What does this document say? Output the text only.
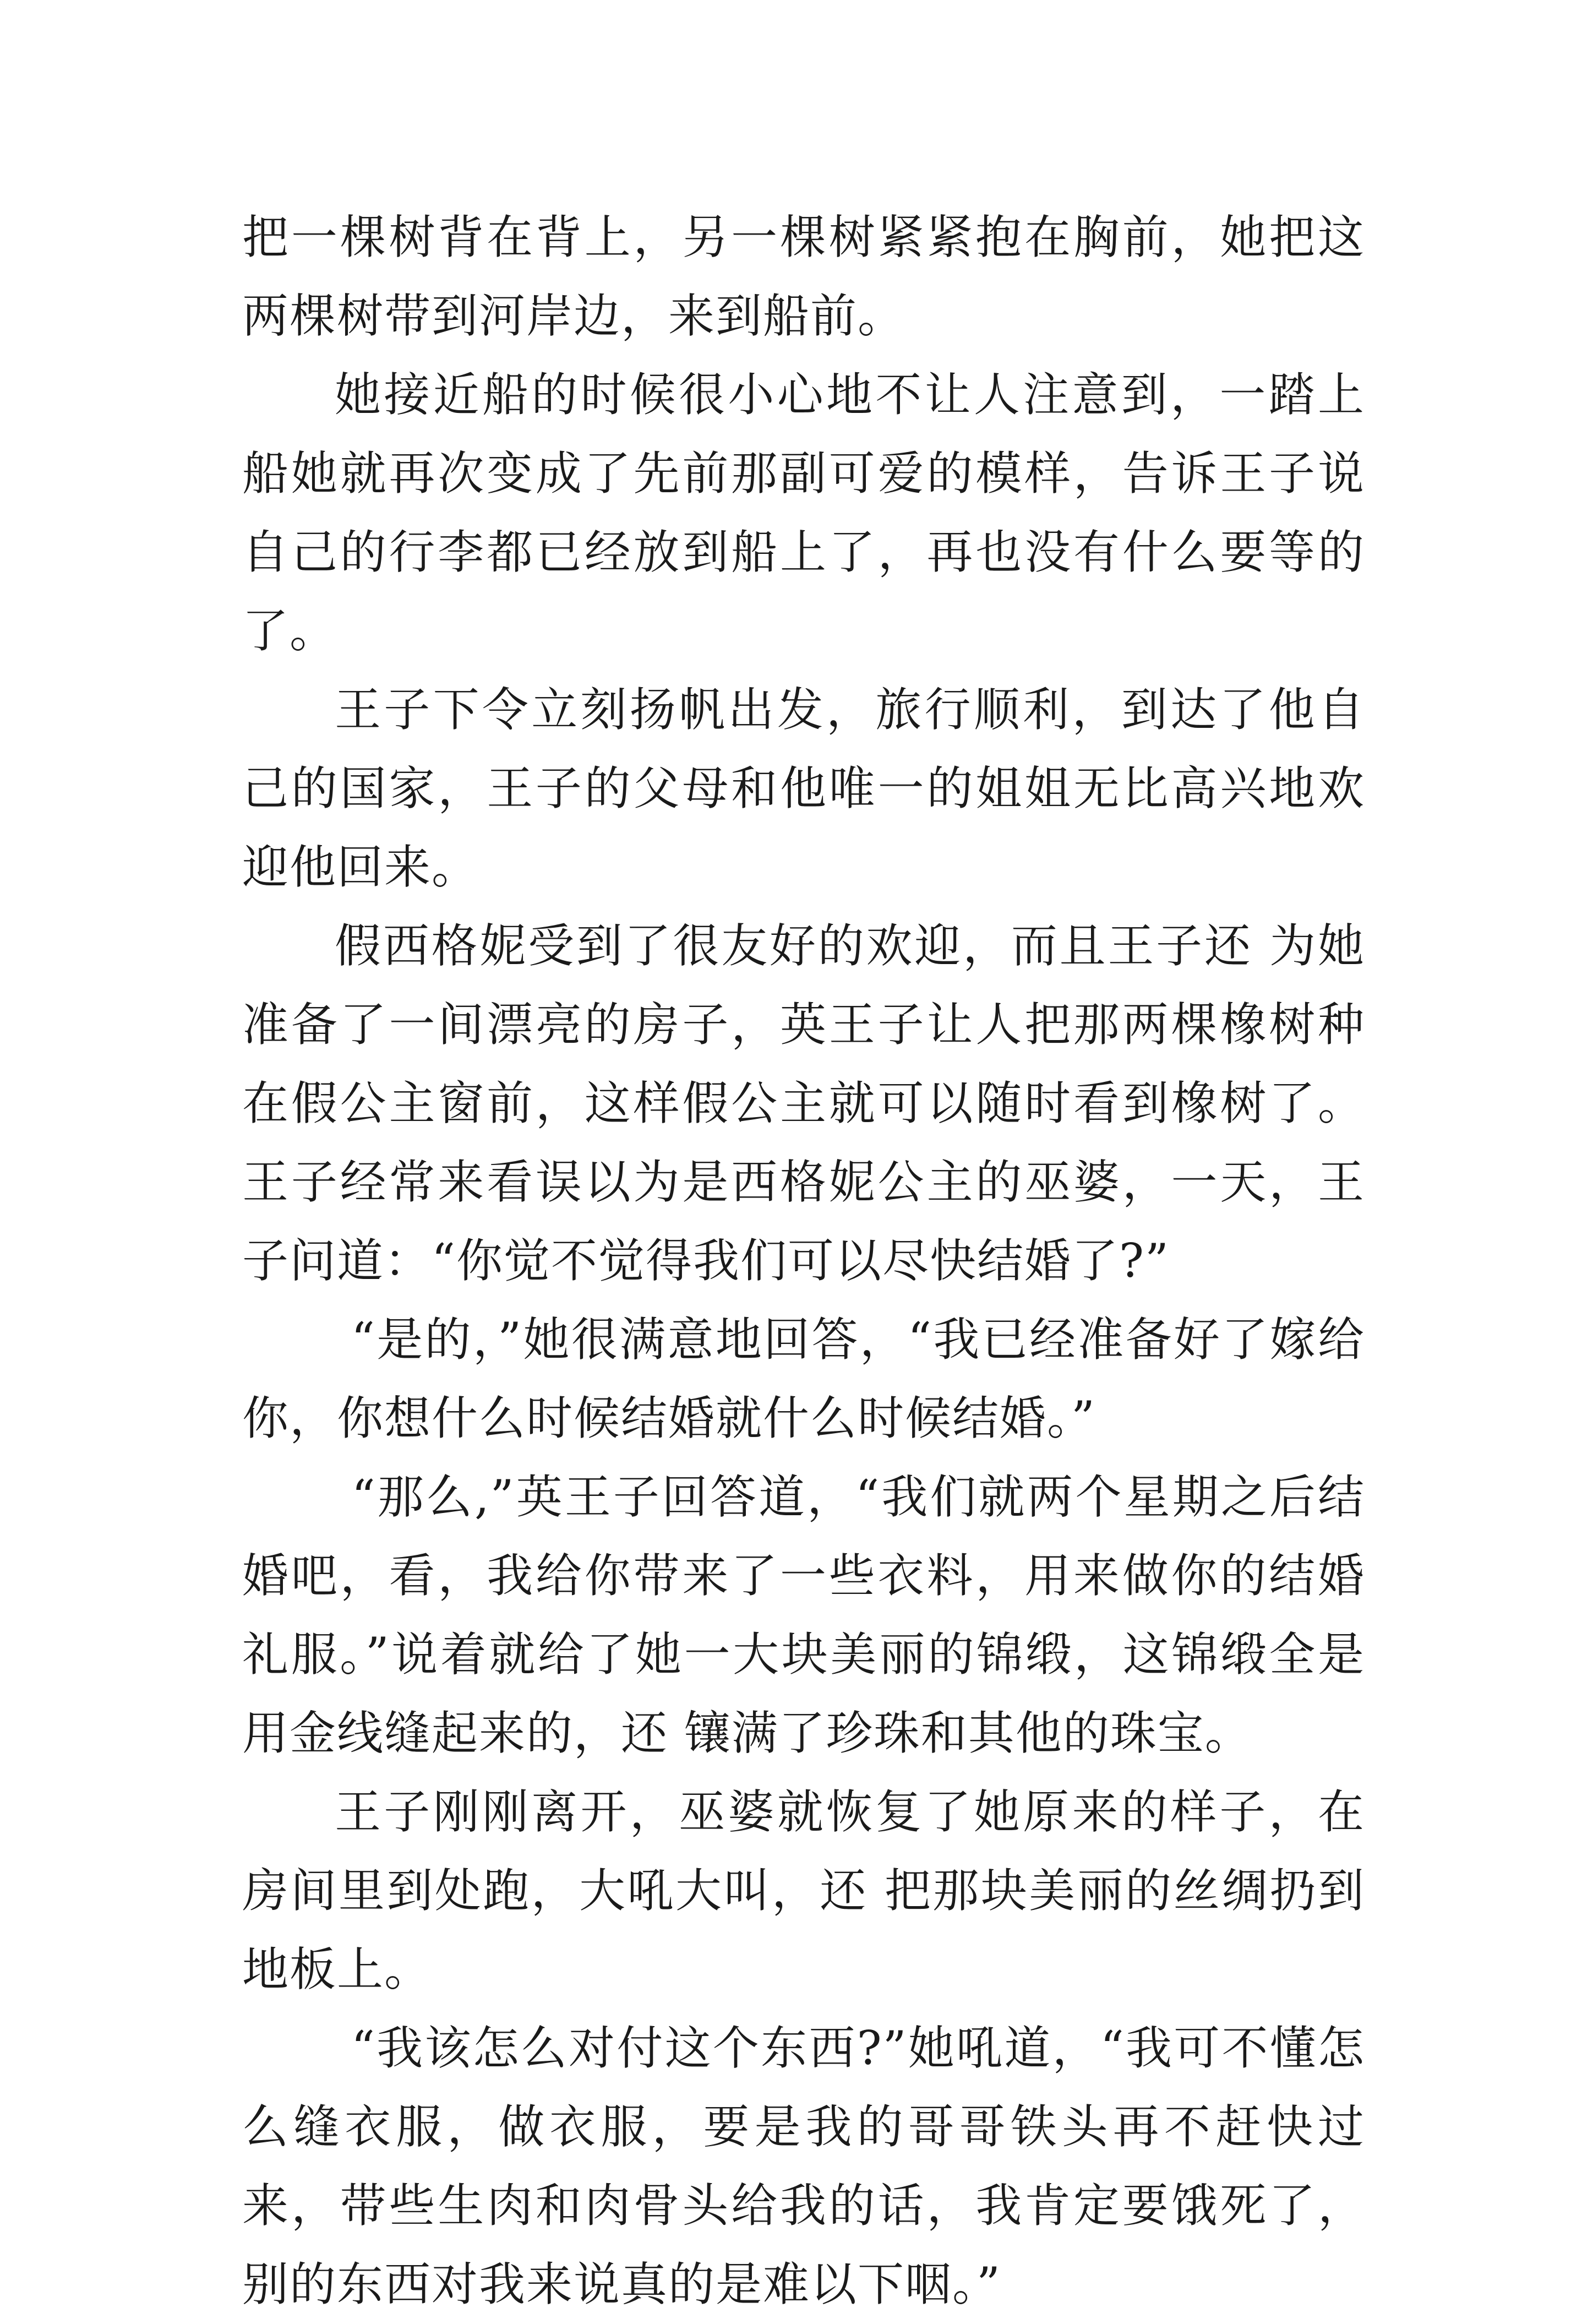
把一棵树背在背上，另一棵树紧紧抱在胸前，她把这两棵树带到河岸边，来到船前。

她接近船的时候很小心地不让人注意到，一踏上船她就再次变成了先前那副可爱的模样，告诉王子说自己的行李都已经放到船上了，再也没有什么要等的了。

王子下令立刻扬帆出发，旅行顺利，到达了他自己的国家，王子的父母和他唯一的姐姐无比高兴地欢迎他回来。

假西格妮受到了很友好的欢迎，而且王子还 为她准备了一间漂亮的房子，英王子让人把那两棵橡树种在假公主窗前，这样假公主就可以随时看到橡树了。王子经常来看误以为是西格妮公主的巫婆，一天，王子问道：“你觉不觉得我们可以尽快结婚了?”

“是的，”她很满意地回答，“我已经准备好了嫁给你，你想什么时候结婚就什么时候结婚。”

“那么,”英王子回答道，“我们就两个星期之后结婚吧，看，我给你带来了一些衣料，用来做你的结婚礼服。”说着就给了她一大块美丽的锦缎，这锦缎全是用金线缝起来的，还 镶满了珍珠和其他的珠宝。

王子刚刚离开，巫婆就恢复了她原来的样子，在房间里到处跑，大吼大叫，还 把那块美丽的丝绸扔到地板上。

“我该怎么对付这个东西?”她吼道，“我可不懂怎么缝衣服，做衣服，要是我的哥哥铁头再不赶快过来，带些生肉和肉骨头给我的话，我肯定要饿死了，别的东西对我来说真的是难以下咽。”
